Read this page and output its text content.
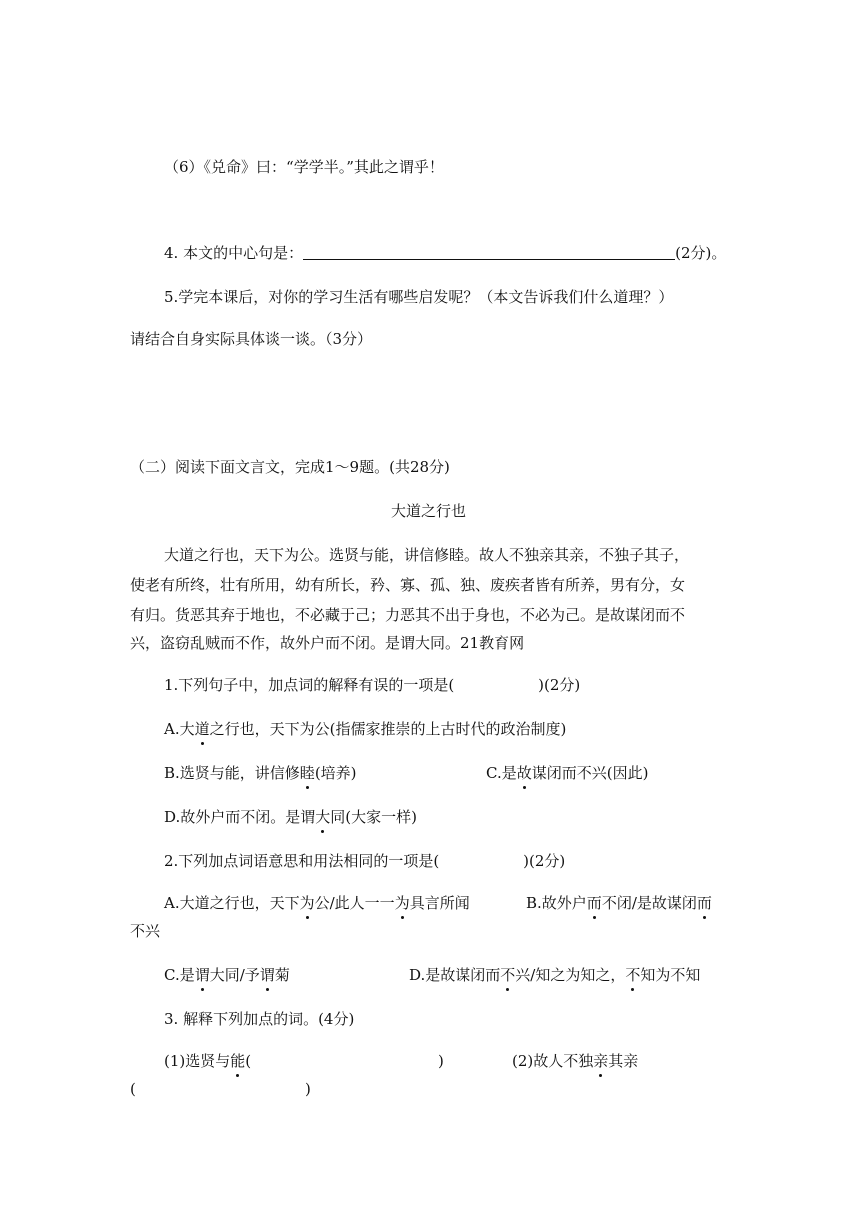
（6）《兑命》曰：“学学半。”其此之谓乎！
4. 本文的中心句是：	(2分)。
5.学完本课后，对你的学习生活有哪些启发呢？（本文告诉我们什么道理？）
请结合自身实际具体谈一谈。（3分）
（二）阅读下面文言文，完成1～9题。(共28分)
大道之行也
大道之行也，天下为公。选贤与能，讲信修睦。故人不独亲其亲，不独子其子，
使老有所终，壮有所用，幼有所长，矜、寡、孤、独、废疾者皆有所养，男有分，女
有归。货恶其弃于地也，不必藏于己；力恶其不出于身也，不必为己。是故谋闭而不
兴，盗窃乱贼而不作，故外户而不闭。是谓大同。21教育网
1.下列句子中，加点词的解释有误的一项是(	)(2分)
A.大道之行也，天下为公(指儒家推崇的上古时代的政治制度)
B.选贤与能，讲信修睦(培养)	C.是故谋闭而不兴(因此)
D.故外户而不闭。是谓大同(大家一样)
2.下列加点词语意思和用法相同的一项是(	)(2分)
A.大道之行也，天下为公/此人一一为具言所闻	B.故外户而不闭/是故谋闭而
不兴
C.是谓大同/予谓菊	D.是故谋闭而不兴/知之为知之，不知为不知
3. 解释下列加点的词。(4分)
(1)选贤与能(	)	(2)故人不独亲其亲
(	)
